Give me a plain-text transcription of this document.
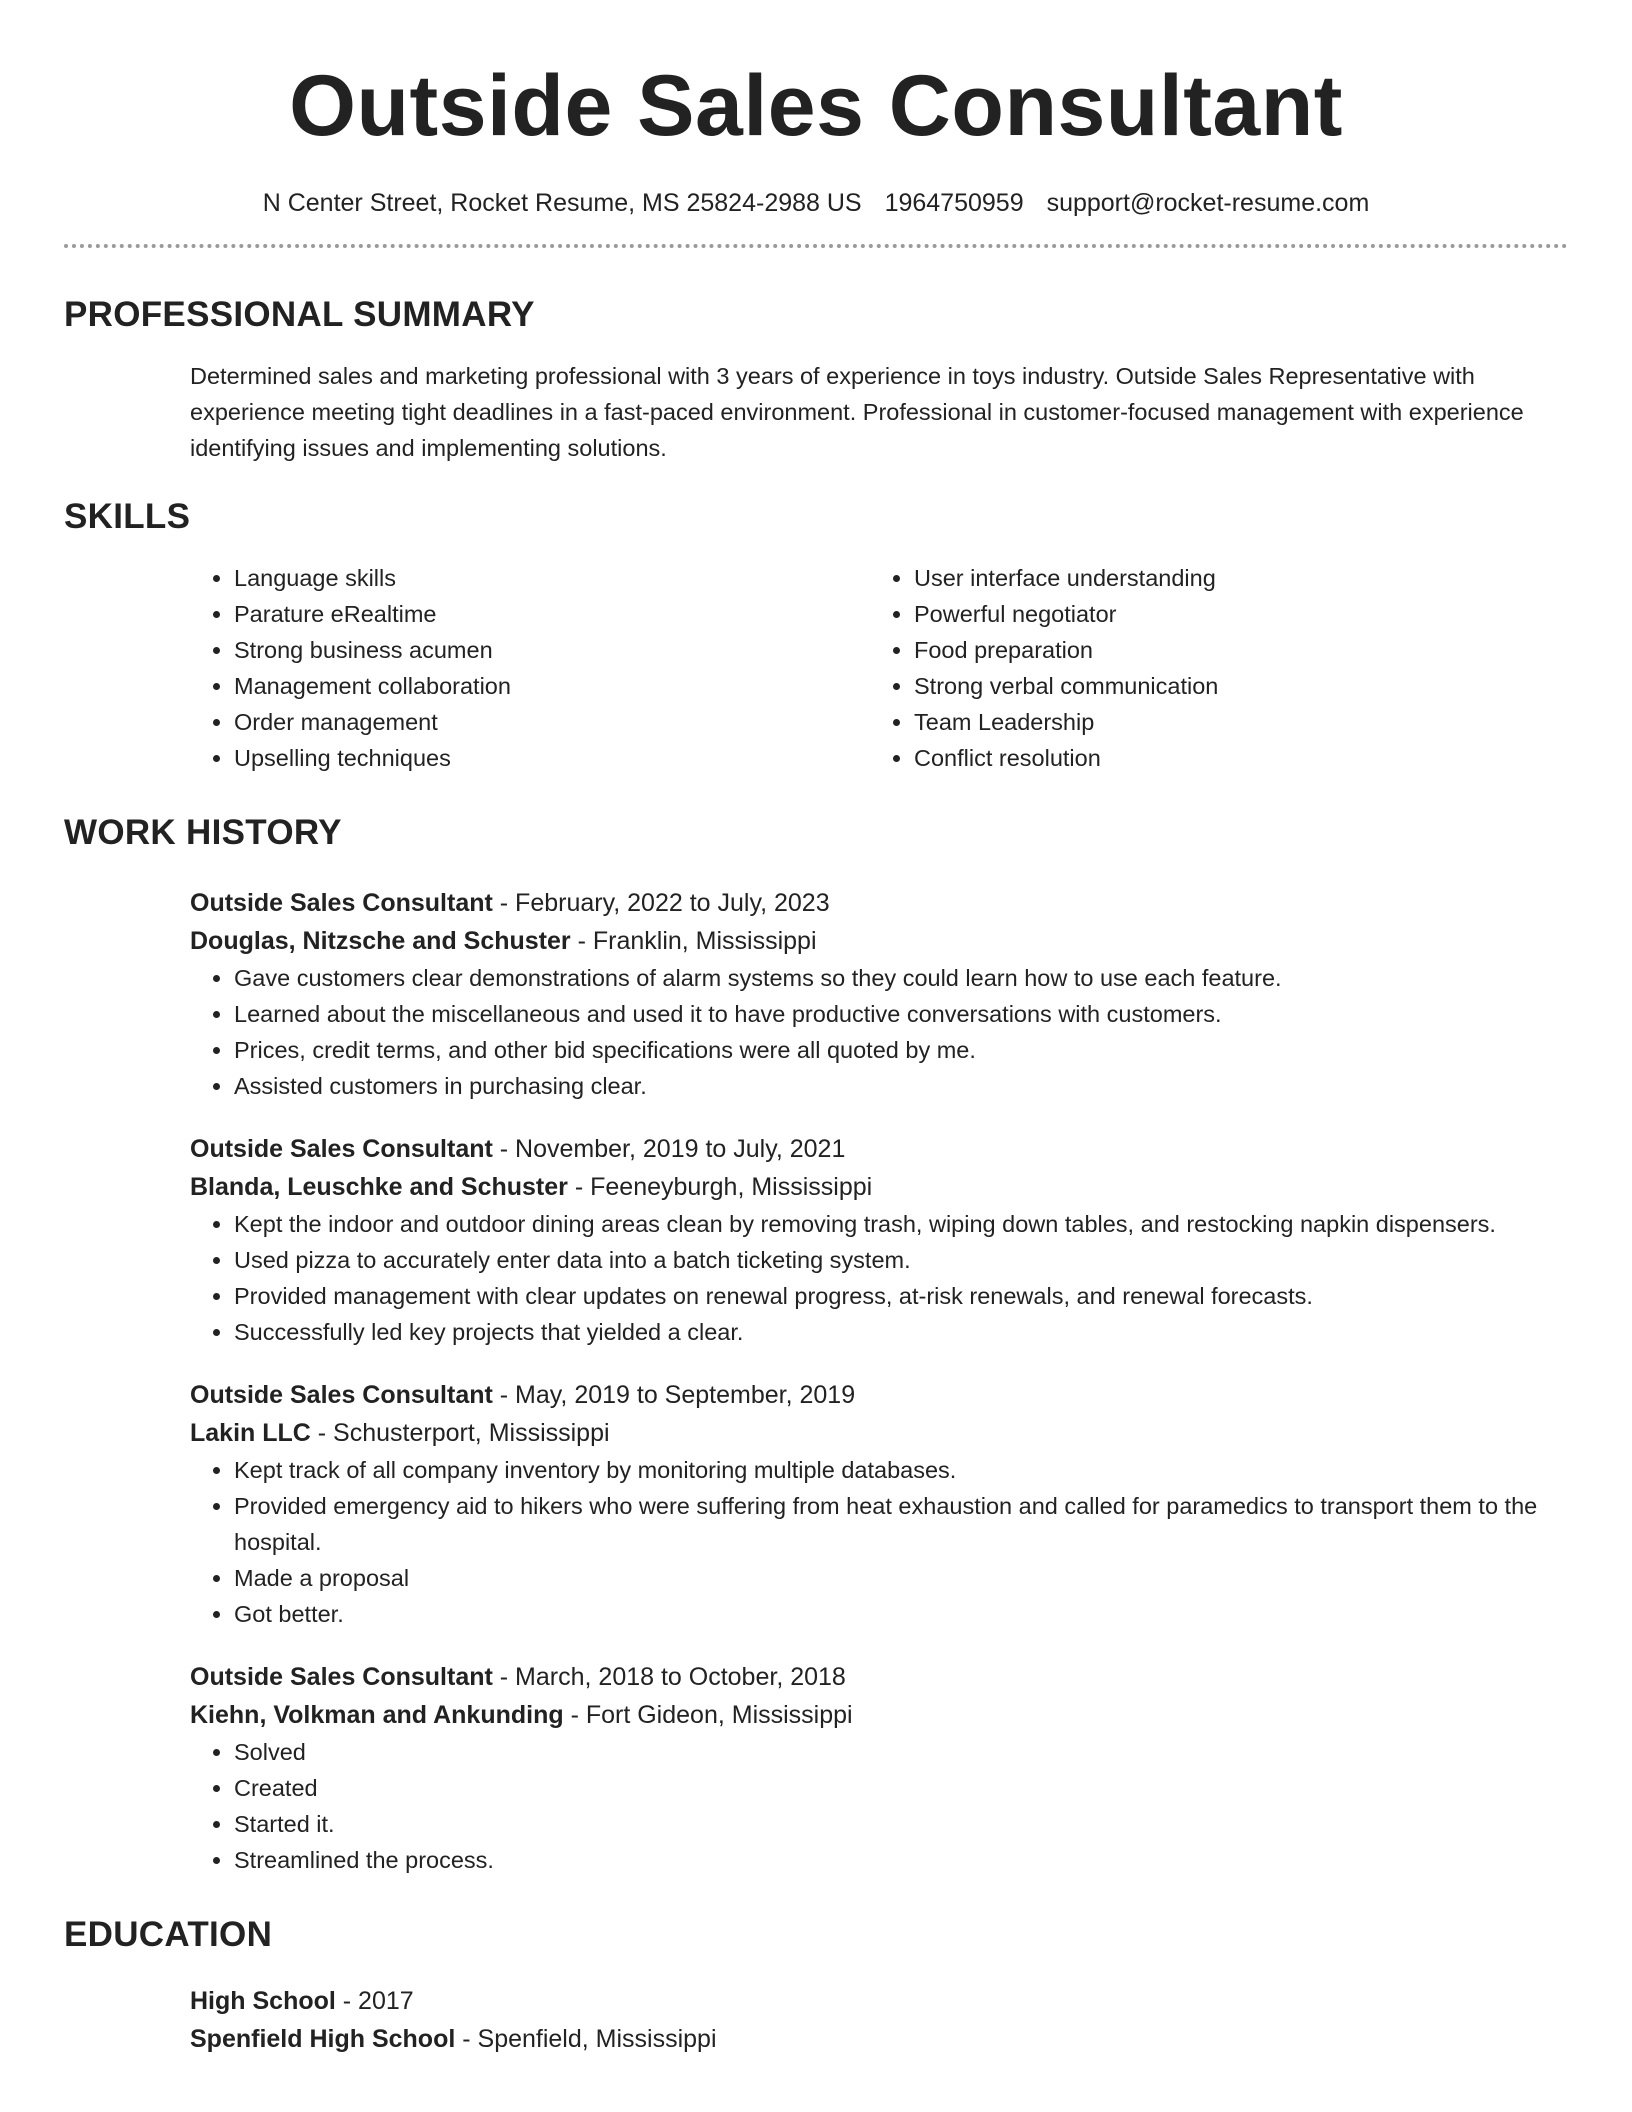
Outside Sales Consultant
N Center Street, Rocket Resume, MS 25824-2988 US 1964750959 support@rocket-resume.com
PROFESSIONAL SUMMARY
Determined sales and marketing professional with 3 years of experience in toys industry. Outside Sales Representative with experience meeting tight deadlines in a fast-paced environment. Professional in customer-focused management with experience identifying issues and implementing solutions.
SKILLS
• Language skills
• Parature eRealtime
• Strong business acumen
• Management collaboration
• Order management
• Upselling techniques
• User interface understanding
• Powerful negotiator
• Food preparation
• Strong verbal communication
• Team Leadership
• Conflict resolution
WORK HISTORY
Outside Sales Consultant - February, 2022 to July, 2023
Douglas, Nitzsche and Schuster - Franklin, Mississippi
• Gave customers clear demonstrations of alarm systems so they could learn how to use each feature.
• Learned about the miscellaneous and used it to have productive conversations with customers.
• Prices, credit terms, and other bid specifications were all quoted by me.
• Assisted customers in purchasing clear.
Outside Sales Consultant - November, 2019 to July, 2021
Blanda, Leuschke and Schuster - Feeneyburgh, Mississippi
• Kept the indoor and outdoor dining areas clean by removing trash, wiping down tables, and restocking napkin dispensers.
• Used pizza to accurately enter data into a batch ticketing system.
• Provided management with clear updates on renewal progress, at-risk renewals, and renewal forecasts.
• Successfully led key projects that yielded a clear.
Outside Sales Consultant - May, 2019 to September, 2019
Lakin LLC - Schusterport, Mississippi
• Kept track of all company inventory by monitoring multiple databases.
• Provided emergency aid to hikers who were suffering from heat exhaustion and called for paramedics to transport them to the hospital.
• Made a proposal
• Got better.
Outside Sales Consultant - March, 2018 to October, 2018
Kiehn, Volkman and Ankunding - Fort Gideon, Mississippi
• Solved
• Created
• Started it.
• Streamlined the process.
EDUCATION
High School - 2017
Spenfield High School - Spenfield, Mississippi
